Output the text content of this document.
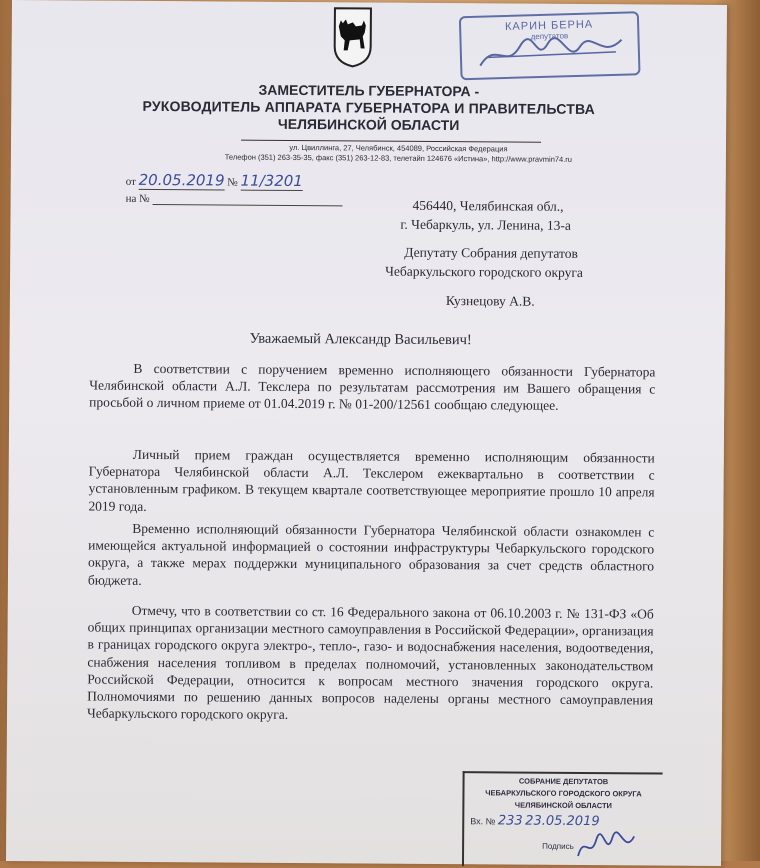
КАРИН БЕРНА
депутатов
ЗАМЕСТИТЕЛЬ ГУБЕРНАТОРА -
РУКОВОДИТЕЛЬ АППАРАТА ГУБЕРНАТОРА И ПРАВИТЕЛЬСТВА
ЧЕЛЯБИНСКОЙ ОБЛАСТИ
ул. Цвиллинга, 27, Челябинск, 454089, Российская Федерация
Телефон (351) 263-35-35, факс (351) 263-12-83, телетайп 124676 «Истина», http://www.pravmin74.ru
от 20.05.2019 № 11/3201
на №	456440, Челябинская обл.,
г. Чебаркуль, ул. Ленина, 13-а
Депутату Собрания депутатов
Чебаркульского городского округа
Кузнецову А.В.
Уважаемый Александр Васильевич!
В соответствии с поручением временно исполняющего обязанности Губернатора Челябинской области А.Л. Текслера по результатам рассмотрения им Вашего обращения с просьбой о личном приеме от 01.04.2019 г. № 01-200/12561 сообщаю следующее.
Личный прием граждан осуществляется временно исполняющим обязанности Губернатора Челябинской области А.Л. Текслером ежеквартально в соответствии с установленным графиком. В текущем квартале соответствующее мероприятие прошло 10 апреля 2019 года.
Временно исполняющий обязанности Губернатора Челябинской области ознакомлен с имеющейся актуальной информацией о состоянии инфраструктуры Чебаркульского городского округа, а также мерах поддержки муниципального образования за счет средств областного бюджета.
Отмечу, что в соответствии со ст. 16 Федерального закона от 06.10.2003 г. № 131-ФЗ «Об общих принципах организации местного самоуправления в Российской Федерации», организация в границах городского округа электро-, тепло-, газо- и водоснабжения населения, водоотведения, снабжения населения топливом в пределах полномочий, установленных законодательством Российской Федерации, относится к вопросам местного значения городского округа. Полномочиями по решению данных вопросов наделены органы местного самоуправления Чебаркульского городского округа.
СОБРАНИЕ ДЕПУТАТОВ
ЧЕБАРКУЛЬСКОГО ГОРОДСКОГО ОКРУГА
ЧЕЛЯБИНСКОЙ ОБЛАСТИ
Вх. № 233 23.05.2019
Подпись
